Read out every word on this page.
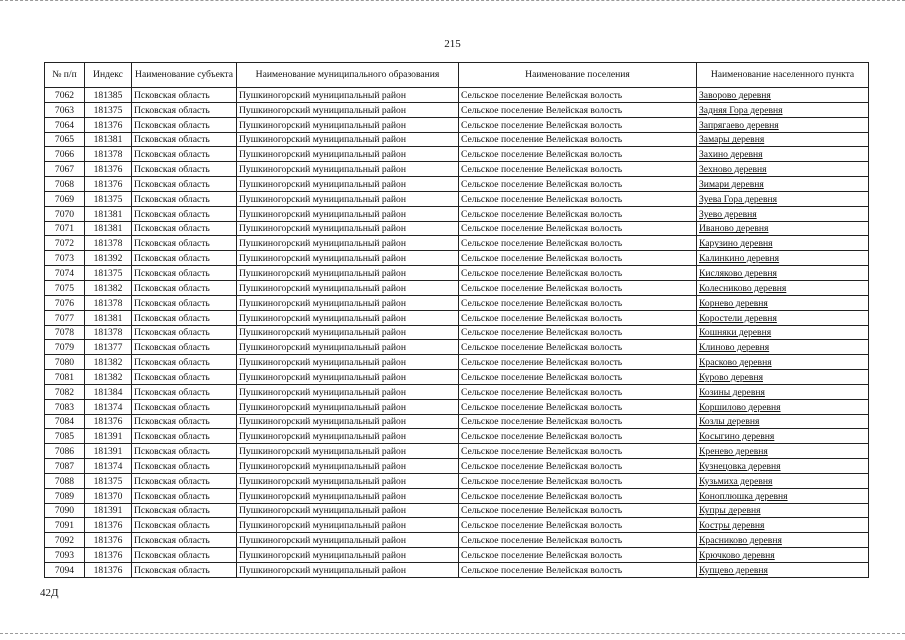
215
№ п/п	Индекс	Наименование субъекта	Наименование муниципального образования	Наименование поселения	Наименование населенного пункта
7062	181385	Псковская область	Пушкиногорский муниципальный район	Сельское поселение Велейская волость	Заворово деревня
7063	181375	Псковская область	Пушкиногорский муниципальный район	Сельское поселение Велейская волость	Задняя Гора деревня
7064	181376	Псковская область	Пушкиногорский муниципальный район	Сельское поселение Велейская волость	Запрягаево деревня
7065	181381	Псковская область	Пушкиногорский муниципальный район	Сельское поселение Велейская волость	Замары деревня
7066	181378	Псковская область	Пушкиногорский муниципальный район	Сельское поселение Велейская волость	Захино деревня
7067	181376	Псковская область	Пушкиногорский муниципальный район	Сельское поселение Велейская волость	Зехново деревня
7068	181376	Псковская область	Пушкиногорский муниципальный район	Сельское поселение Велейская волость	Зимари деревня
7069	181375	Псковская область	Пушкиногорский муниципальный район	Сельское поселение Велейская волость	Зуева Гора деревня
7070	181381	Псковская область	Пушкиногорский муниципальный район	Сельское поселение Велейская волость	Зуево деревня
7071	181381	Псковская область	Пушкиногорский муниципальный район	Сельское поселение Велейская волость	Иваново деревня
7072	181378	Псковская область	Пушкиногорский муниципальный район	Сельское поселение Велейская волость	Карузино деревня
7073	181392	Псковская область	Пушкиногорский муниципальный район	Сельское поселение Велейская волость	Калинкино деревня
7074	181375	Псковская область	Пушкиногорский муниципальный район	Сельское поселение Велейская волость	Кисляково деревня
7075	181382	Псковская область	Пушкиногорский муниципальный район	Сельское поселение Велейская волость	Колесниково деревня
7076	181378	Псковская область	Пушкиногорский муниципальный район	Сельское поселение Велейская волость	Корнево деревня
7077	181381	Псковская область	Пушкиногорский муниципальный район	Сельское поселение Велейская волость	Коростели деревня
7078	181378	Псковская область	Пушкиногорский муниципальный район	Сельское поселение Велейская волость	Кошняки деревня
7079	181377	Псковская область	Пушкиногорский муниципальный район	Сельское поселение Велейская волость	Клиново деревня
7080	181382	Псковская область	Пушкиногорский муниципальный район	Сельское поселение Велейская волость	Красково деревня
7081	181382	Псковская область	Пушкиногорский муниципальный район	Сельское поселение Велейская волость	Курово деревня
7082	181384	Псковская область	Пушкиногорский муниципальный район	Сельское поселение Велейская волость	Козины деревня
7083	181374	Псковская область	Пушкиногорский муниципальный район	Сельское поселение Велейская волость	Коршилово деревня
7084	181376	Псковская область	Пушкиногорский муниципальный район	Сельское поселение Велейская волость	Козлы деревня
7085	181391	Псковская область	Пушкиногорский муниципальный район	Сельское поселение Велейская волость	Косыгино деревня
7086	181391	Псковская область	Пушкиногорский муниципальный район	Сельское поселение Велейская волость	Кренево деревня
7087	181374	Псковская область	Пушкиногорский муниципальный район	Сельское поселение Велейская волость	Кузнецовка деревня
7088	181375	Псковская область	Пушкиногорский муниципальный район	Сельское поселение Велейская волость	Кузьмиха деревня
7089	181370	Псковская область	Пушкиногорский муниципальный район	Сельское поселение Велейская волость	Коноплюшка деревня
7090	181391	Псковская область	Пушкиногорский муниципальный район	Сельское поселение Велейская волость	Купры деревня
7091	181376	Псковская область	Пушкиногорский муниципальный район	Сельское поселение Велейская волость	Костры деревня
7092	181376	Псковская область	Пушкиногорский муниципальный район	Сельское поселение Велейская волость	Красниково деревня
7093	181376	Псковская область	Пушкиногорский муниципальный район	Сельское поселение Велейская волость	Крючково деревня
7094	181376	Псковская область	Пушкиногорский муниципальный район	Сельское поселение Велейская волость	Купцево деревня
42Д
